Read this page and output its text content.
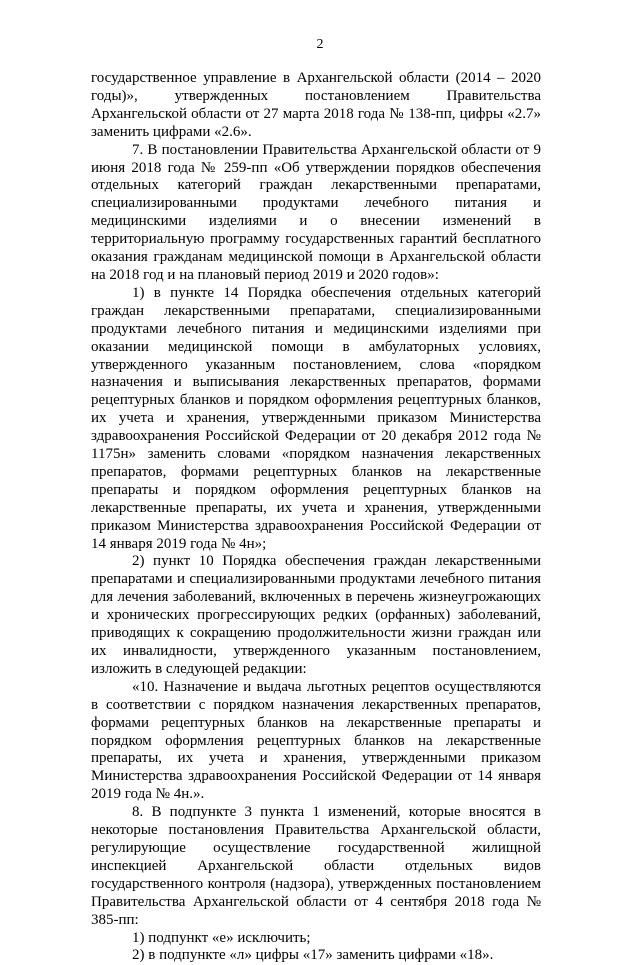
2

государственное управление в Архангельской области (2014 – 2020 годы)», утвержденных постановлением Правительства Архангельской области от 27 марта 2018 года № 138-пп, цифры «2.7» заменить цифрами «2.6».

7. В постановлении Правительства Архангельской области от 9 июня 2018 года № 259-пп «Об утверждении порядков обеспечения отдельных категорий граждан лекарственными препаратами, специализированными продуктами лечебного питания и медицинскими изделиями и о внесении изменений в территориальную программу государственных гарантий бесплатного оказания гражданам медицинской помощи в Архангельской области на 2018 год и на плановый период 2019 и 2020 годов»:

1) в пункте 14 Порядка обеспечения отдельных категорий граждан лекарственными препаратами, специализированными продуктами лечебного питания и медицинскими изделиями при оказании медицинской помощи в амбулаторных условиях, утвержденного указанным постановлением, слова «порядком назначения и выписывания лекарственных препаратов, формами рецептурных бланков и порядком оформления рецептурных бланков, их учета и хранения, утвержденными приказом Министерства здравоохранения Российской Федерации от 20 декабря 2012 года № 1175н» заменить словами «порядком назначения лекарственных препаратов, формами рецептурных бланков на лекарственные препараты и порядком оформления рецептурных бланков на лекарственные препараты, их учета и хранения, утвержденными приказом Министерства здравоохранения Российской Федерации от 14 января 2019 года № 4н»;

2) пункт 10 Порядка обеспечения граждан лекарственными препаратами и специализированными продуктами лечебного питания для лечения заболеваний, включенных в перечень жизнеугрожающих и хронических прогрессирующих редких (орфанных) заболеваний, приводящих к сокращению продолжительности жизни граждан или их инвалидности, утвержденного указанным постановлением, изложить в следующей редакции:

«10. Назначение и выдача льготных рецептов осуществляются в соответствии с порядком назначения лекарственных препаратов, формами рецептурных бланков на лекарственные препараты и порядком оформления рецептурных бланков на лекарственные препараты, их учета и хранения, утвержденными приказом Министерства здравоохранения Российской Федерации от 14 января 2019 года № 4н.».

8. В подпункте 3 пункта 1 изменений, которые вносятся в некоторые постановления Правительства Архангельской области, регулирующие осуществление государственной жилищной инспекцией Архангельской области отдельных видов государственного контроля (надзора), утвержденных постановлением Правительства Архангельской области от 4 сентября 2018 года № 385-пп:

1) подпункт «е» исключить;

2) в подпункте «л» цифры «17» заменить цифрами «18».
